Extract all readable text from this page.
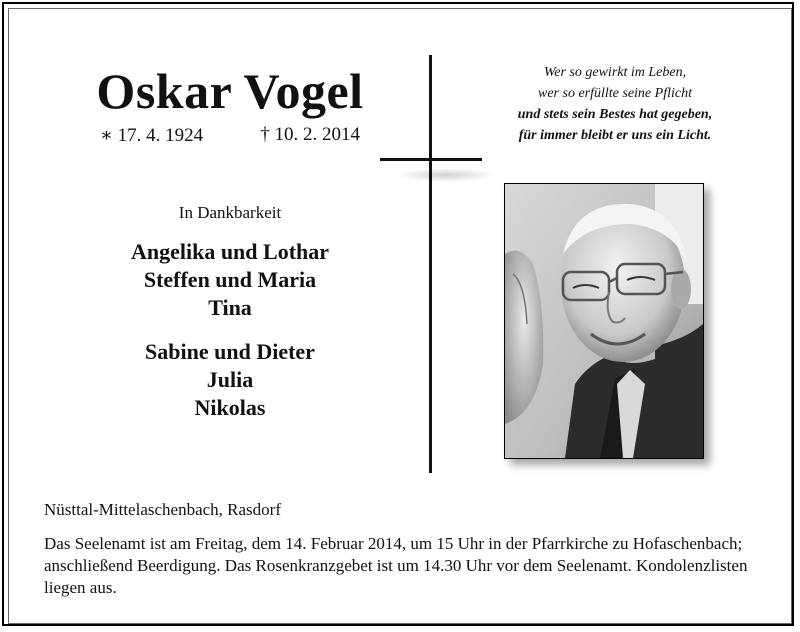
Oskar Vogel
∗ 17. 4. 1924	† 10. 2. 2014
In Dankbarkeit
Angelika und Lothar
Steffen und Maria
Tina
Sabine und Dieter
Julia
Nikolas
Wer so gewirkt im Leben,
wer so erfüllte seine Pflicht
und stets sein Bestes hat gegeben,
für immer bleibt er uns ein Licht.
Nüsttal-Mittelaschenbach, Rasdorf
Das Seelenamt ist am Freitag, dem 14. Februar 2014, um 15 Uhr in der Pfarrkirche zu Hofaschenbach; anschließend Beerdigung. Das Rosenkranzgebet ist um 14.30 Uhr vor dem Seelenamt. Kondolenzlisten liegen aus.
